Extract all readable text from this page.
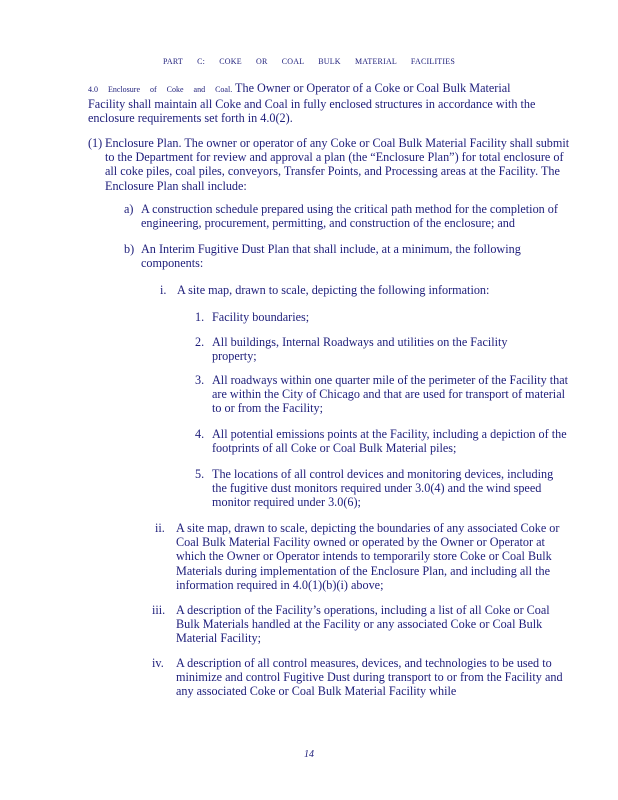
PART C: COKE OR COAL BULK MATERIAL FACILITIES

4.0 Enclosure of Coke and Coal. The Owner or Operator of a Coke or Coal Bulk Material Facility shall maintain all Coke and Coal in fully enclosed structures in accordance with the enclosure requirements set forth in 4.0(2).

(1) Enclosure Plan. The owner or operator of any Coke or Coal Bulk Material Facility shall submit to the Department for review and approval a plan (the “Enclosure Plan”) for total enclosure of all coke piles, coal piles, conveyors, Transfer Points, and Processing areas at the Facility. The Enclosure Plan shall include:
a) A construction schedule prepared using the critical path method for the completion of engineering, procurement, permitting, and construction of the enclosure; and
b) An Interim Fugitive Dust Plan that shall include, at a minimum, the following components:
i. A site map, drawn to scale, depicting the following information:
1. Facility boundaries;
2. All buildings, Internal Roadways and utilities on the Facility property;
3. All roadways within one quarter mile of the perimeter of the Facility that are within the City of Chicago and that are used for transport of material to or from the Facility;
4. All potential emissions points at the Facility, including a depiction of the footprints of all Coke or Coal Bulk Material piles;
5. The locations of all control devices and monitoring devices, including the fugitive dust monitors required under 3.0(4) and the wind speed monitor required under 3.0(6);
ii. A site map, drawn to scale, depicting the boundaries of any associated Coke or Coal Bulk Material Facility owned or operated by the Owner or Operator at which the Owner or Operator intends to temporarily store Coke or Coal Bulk Materials during implementation of the Enclosure Plan, and including all the information required in 4.0(1)(b)(i) above;
iii. A description of the Facility’s operations, including a list of all Coke or Coal Bulk Materials handled at the Facility or any associated Coke or Coal Bulk Material Facility;
iv. A description of all control measures, devices, and technologies to be used to minimize and control Fugitive Dust during transport to or from the Facility and any associated Coke or Coal Bulk Material Facility while
14
